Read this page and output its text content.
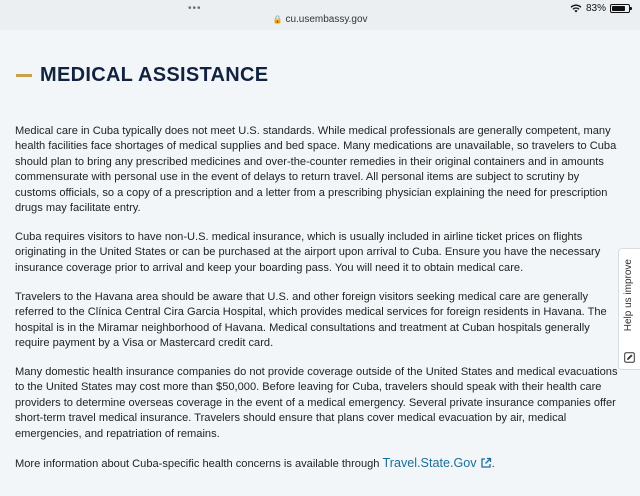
•••
🔒 cu.usembassy.gov
83%
MEDICAL ASSISTANCE

Medical care in Cuba typically does not meet U.S. standards. While medical professionals are generally competent, many health facilities face shortages of medical supplies and bed space. Many medications are unavailable, so travelers to Cuba should plan to bring any prescribed medicines and over-the-counter remedies in their original containers and in amounts commensurate with personal use in the event of delays to return travel. All personal items are subject to scrutiny by customs officials, so a copy of a prescription and a letter from a prescribing physician explaining the need for prescription drugs may facilitate entry.

Cuba requires visitors to have non-U.S. medical insurance, which is usually included in airline ticket prices on flights originating in the United States or can be purchased at the airport upon arrival to Cuba. Ensure you have the necessary insurance coverage prior to arrival and keep your boarding pass. You will need it to obtain medical care.

Travelers to the Havana area should be aware that U.S. and other foreign visitors seeking medical care are generally referred to the Clínica Central Cira Garcia Hospital, which provides medical services for foreign residents in Havana. The hospital is in the Miramar neighborhood of Havana. Medical consultations and treatment at Cuban hospitals generally require payment by a Visa or Mastercard credit card.

Many domestic health insurance companies do not provide coverage outside of the United States and medical evacuations to the United States may cost more than $50,000. Before leaving for Cuba, travelers should speak with their health care providers to determine overseas coverage in the event of a medical emergency. Several private insurance companies offer short-term travel medical insurance. Travelers should ensure that plans cover medical evacuation by air, medical emergencies, and repatriation of remains.

More information about Cuba-specific health concerns is available through Travel.State.Gov .

Help us improve
